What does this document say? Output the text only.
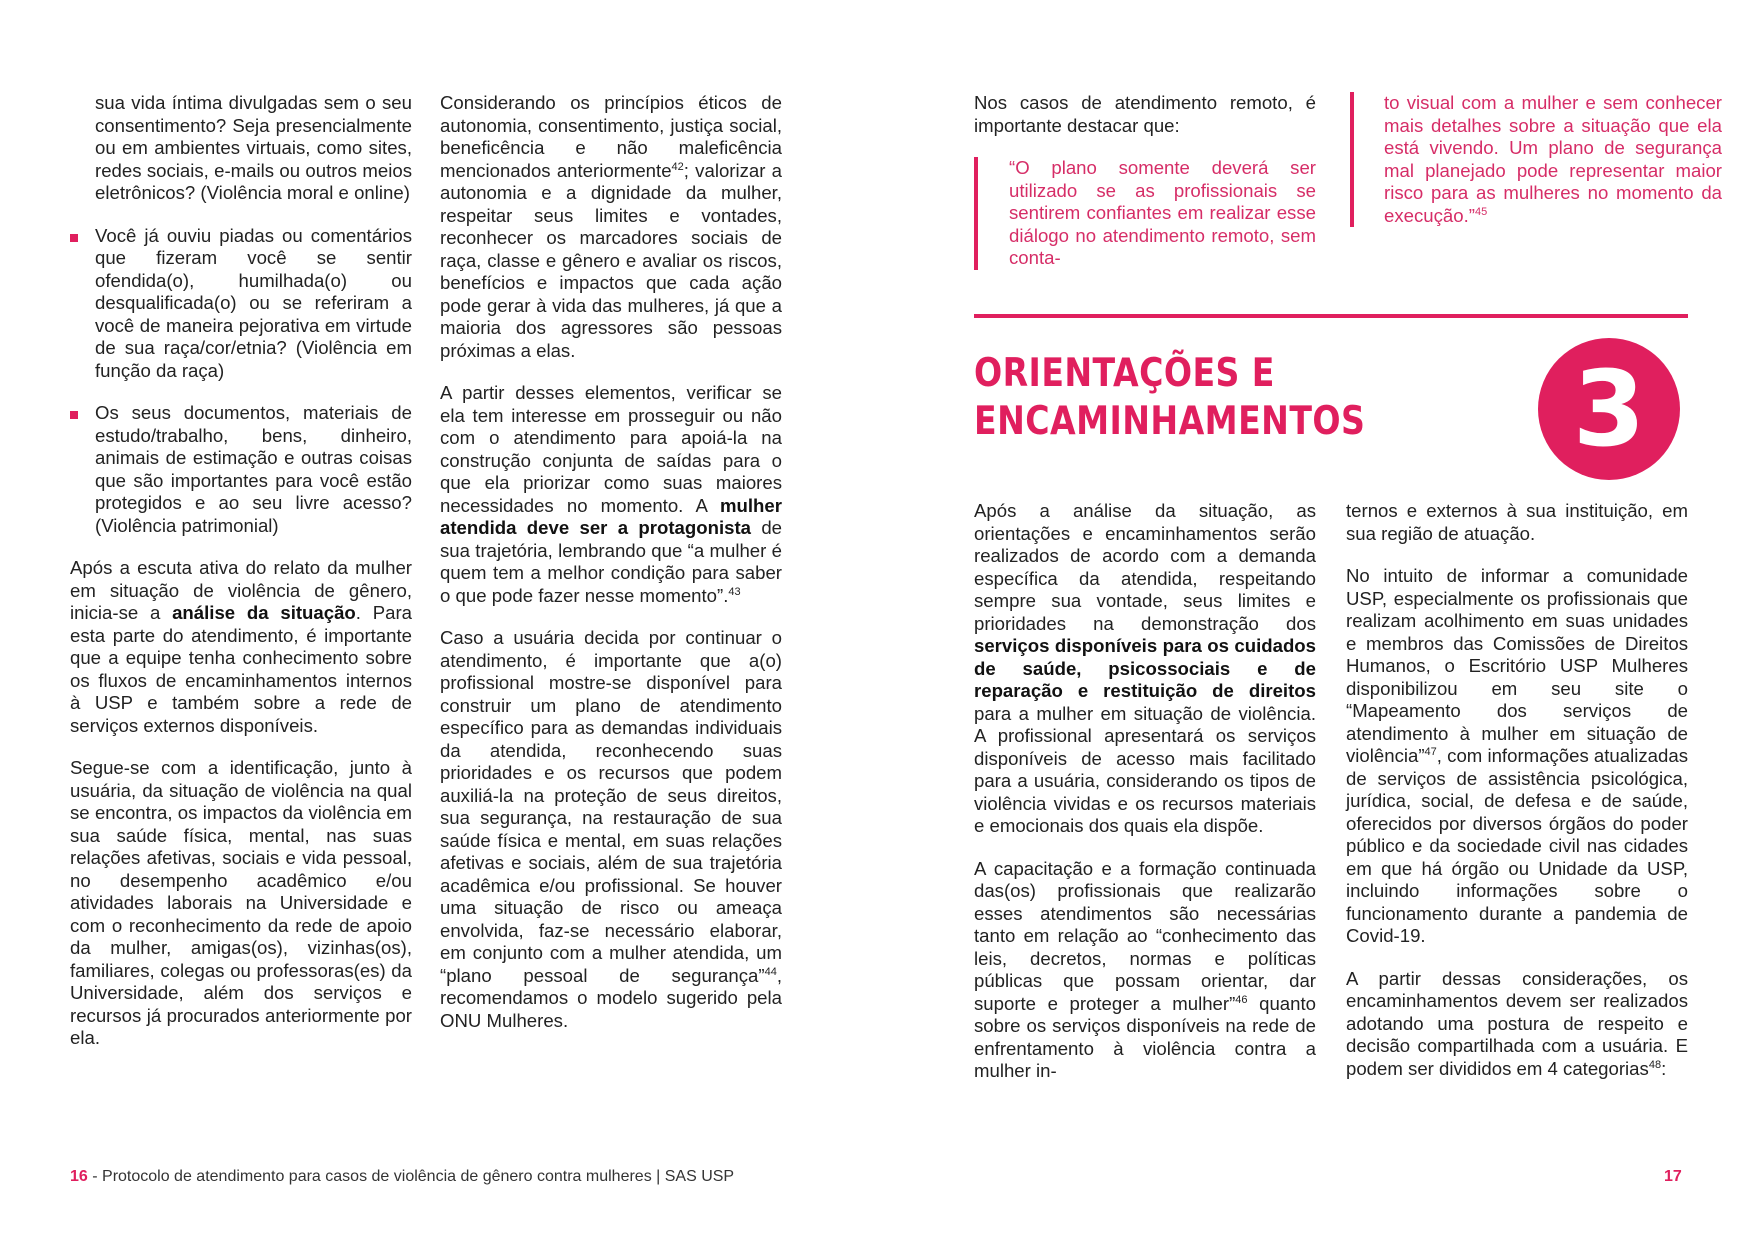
sua vida íntima divulgadas sem o seu consentimento? Seja presencialmente ou em ambientes virtuais, como sites, redes sociais, e-mails ou outros meios eletrônicos? (Violência moral e online)

Você já ouviu piadas ou comentários que fizeram você se sentir ofendida(o), humilhada(o) ou desqualificada(o) ou se referiram a você de maneira pejorativa em virtude de sua raça/cor/etnia? (Violência em função da raça)
Os seus documentos, materiais de estudo/trabalho, bens, dinheiro, animais de estimação e outras coisas que são importantes para você estão protegidos e ao seu livre acesso? (Violência patrimonial)

Após a escuta ativa do relato da mulher em situação de violência de gênero, inicia-se a análise da situação. Para esta parte do atendimento, é importante que a equipe tenha conhecimento sobre os fluxos de encaminhamentos internos à USP e também sobre a rede de serviços externos disponíveis.

Segue-se com a identificação, junto à usuária, da situação de violência na qual se encontra, os impactos da violência em sua saúde física, mental, nas suas relações afetivas, sociais e vida pessoal, no desempenho acadêmico e/ou atividades laborais na Universidade e com o reconhecimento da rede de apoio da mulher, amigas(os), vizinhas(os), familiares, colegas ou professoras(es) da Universidade, além dos serviços e recursos já procurados anteriormente por ela.

Considerando os princípios éticos de autonomia, consentimento, justiça social, beneficência e não maleficência mencionados anteriormente$^{42}$; valorizar a autonomia e a dignidade da mulher, respeitar seus limites e vontades, reconhecer os marcadores sociais de raça, classe e gênero e avaliar os riscos, benefícios e impactos que cada ação pode gerar à vida das mulheres, já que a maioria dos agressores são pessoas próximas a elas.

A partir desses elementos, verificar se ela tem interesse em prosseguir ou não com o atendimento para apoiá-la na construção conjunta de saídas para o que ela priorizar como suas maiores necessidades no momento. A mulher atendida deve ser a protagonista de sua trajetória, lembrando que “a mulher é quem tem a melhor condição para saber o que pode fazer nesse momento”.$^{43}$

Caso a usuária decida por continuar o atendimento, é importante que a(o) profissional mostre-se disponível para construir um plano de atendimento específico para as demandas individuais da atendida, reconhecendo suas prioridades e os recursos que podem auxiliá-la na proteção de seus direitos, sua segurança, na restauração de sua saúde física e mental, em suas relações afetivas e sociais, além de sua trajetória acadêmica e/ou profissional. Se houver uma situação de risco ou ameaça envolvida, faz-se necessário elaborar, em conjunto com a mulher atendida, um “plano pessoal de segurança”$^{44}$, recomendamos o modelo sugerido pela ONU Mulheres.

16 - Protocolo de atendimento para casos de violência de gênero contra mulheres | SAS USP

Nos casos de atendimento remoto, é importante destacar que:

“O plano somente deverá ser utilizado se as profissionais se sentirem confiantes em realizar esse diálogo no atendimento remoto, sem conta-

to visual com a mulher e sem conhecer mais detalhes sobre a situação que ela está vivendo. Um plano de segurança mal planejado pode representar maior risco para as mulheres no momento da execução.”$^{45}$
ORIENTAÇÕES E
ENCAMINHAMENTOS	3

Após a análise da situação, as orientações e encaminhamentos serão realizados de acordo com a demanda específica da atendida, respeitando sempre sua vontade, seus limites e prioridades na demonstração dos serviços disponíveis para os cuidados de saúde, psicossociais e de reparação e restituição de direitos para a mulher em situação de violência. A profissional apresentará os serviços disponíveis de acesso mais facilitado para a usuária, considerando os tipos de violência vividas e os recursos materiais e emocionais dos quais ela dispõe.

A capacitação e a formação continuada das(os) profissionais que realizarão esses atendimentos são necessárias tanto em relação ao “conhecimento das leis, decretos, normas e políticas públicas que possam orientar, dar suporte e proteger a mulher”$^{46}$ quanto sobre os serviços disponíveis na rede de enfrentamento à violência contra a mulher in-

ternos e externos à sua instituição, em sua região de atuação.

No intuito de informar a comunidade USP, especialmente os profissionais que realizam acolhimento em suas unidades e membros das Comissões de Direitos Humanos, o Escritório USP Mulheres disponibilizou em seu site o “Mapeamento dos serviços de atendimento à mulher em situação de violência”$^{47}$, com informações atualizadas de serviços de assistência psicológica, jurídica, social, de defesa e de saúde, oferecidos por diversos órgãos do poder público e da sociedade civil nas cidades em que há órgão ou Unidade da USP, incluindo informações sobre o funcionamento durante a pandemia de Covid-19.

A partir dessas considerações, os encaminhamentos devem ser realizados adotando uma postura de respeito e decisão compartilhada com a usuária. E podem ser divididos em 4 categorias$^{48}$:

17
